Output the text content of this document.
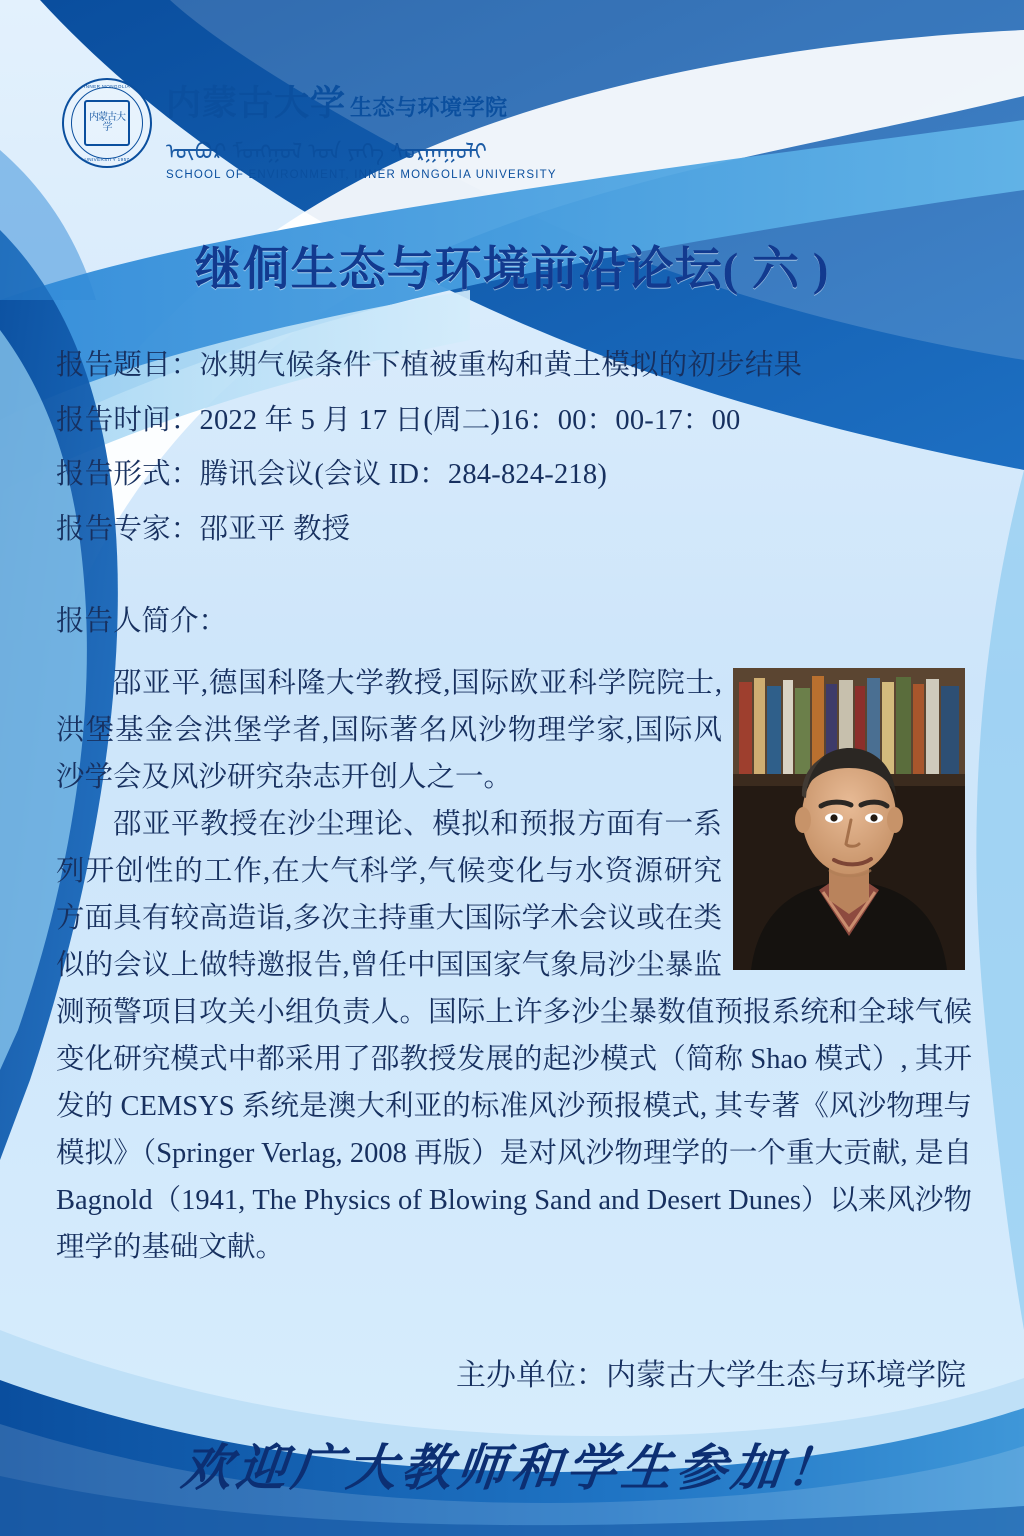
INNER MONGOLIA
内蒙古大学
UNIVERSITY 1957
内蒙古大学 生态与环境学院
ᠦᠪᠦᠷ ᠮᠣᠩᠭᠣᠯ ᠤᠨ ᠶᠡᠬᠡ ᠰᠤᠷᠭᠠᠭᠤᠯᠢ
SCHOOL OF ENVIRONMENT, INNER MONGOLIA UNIVERSITY
继侗生态与环境前沿论坛( 六 )
报告题目：冰期气候条件下植被重构和黄土模拟的初步结果
报告时间：2022 年 5 月 17 日(周二)16：00：00-17：00
报告形式：腾讯会议(会议 ID：284-824-218)
报告专家：邵亚平 教授
报告人简介：

邵亚平,德国科隆大学教授,国际欧亚科学院院士,洪堡基金会洪堡学者,国际著名风沙物理学家,国际风沙学会及风沙研究杂志开创人之一。

邵亚平教授在沙尘理论、模拟和预报方面有一系列开创性的工作,在大气科学,气候变化与水资源研究方面具有较高造诣,多次主持重大国际学术会议或在类似的会议上做特邀报告,曾任中国国家气象局沙尘暴监测预警项目攻关小组负责人。国际上许多沙尘暴数值预报系统和全球气候变化研究模式中都采用了邵教授发展的起沙模式（简称 Shao 模式）, 其开发的 CEMSYS 系统是澳大利亚的标准风沙预报模式, 其专著《风沙物理与模拟》（Springer Verlag, 2008 再版）是对风沙物理学的一个重大贡献, 是自 Bagnold（1941, The Physics of Blowing Sand and Desert Dunes）以来风沙物理学的基础文献。

主办单位：内蒙古大学生态与环境学院
欢迎广大教师和学生参加！
